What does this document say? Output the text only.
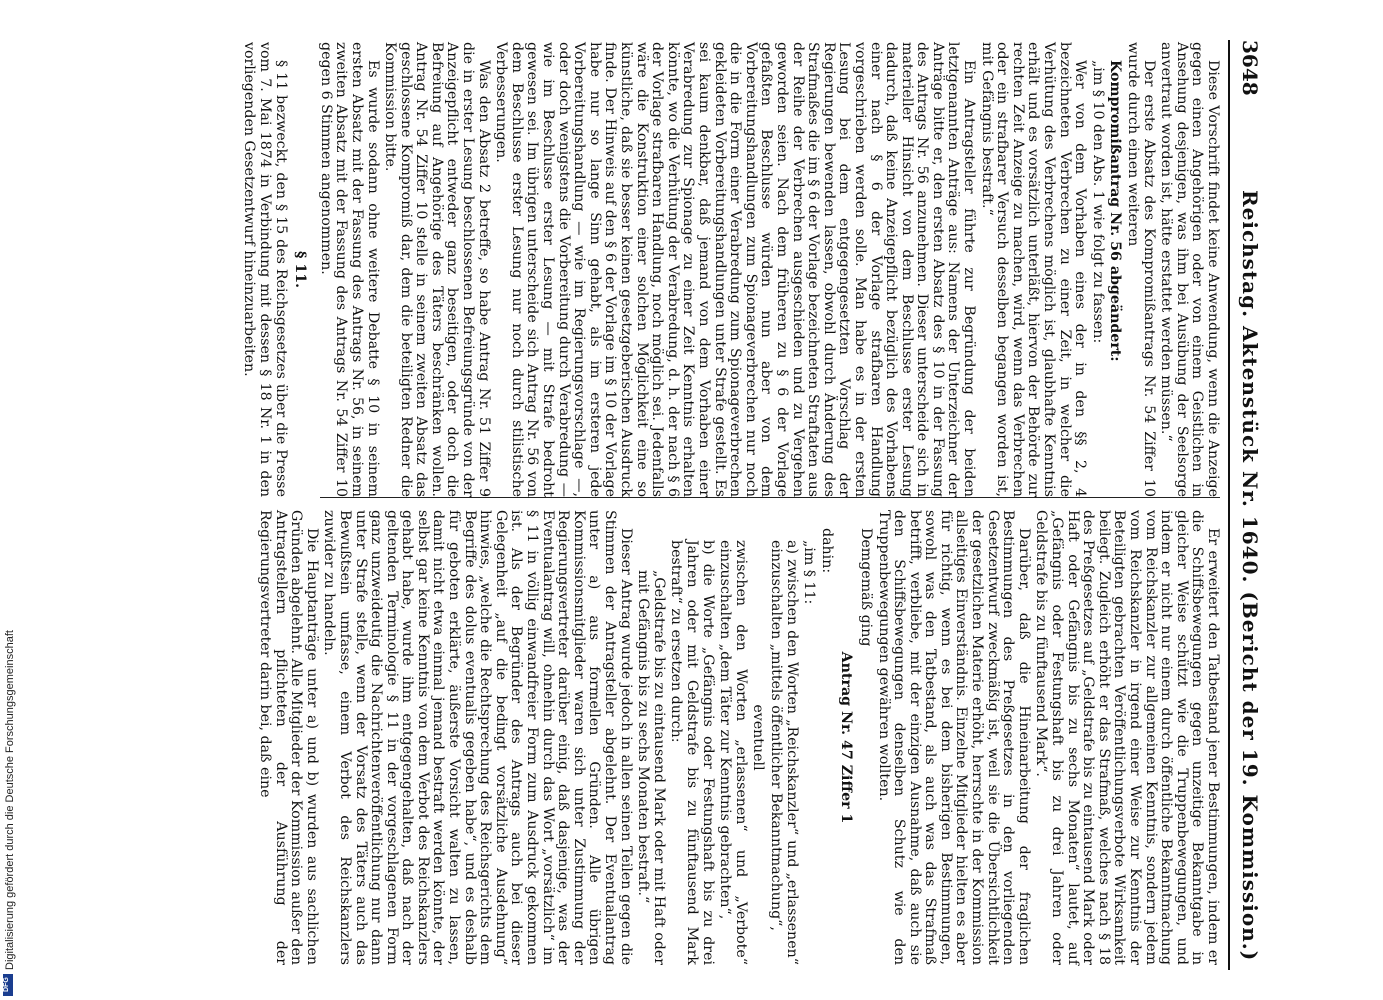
3648
Reichstag. Aktenstück Nr. 1640. (Bericht der 19. Kommission.)

Diese Vorschrift findet keine Anwendung, wenn die Anzeige gegen einen Angehörigen oder von einem Geistlichen in Ansehung desjenigen, was ihm bei Ausübung der Seelsorge anvertraut worden ist, hätte erstattet werden müssen.“

Der erste Absatz des Kompromißantrags Nr. 54 Ziffer 10 wurde durch einen weiteren

Kompromißantrag Nr. 56 abgeändert:

„im § 10 den Abs. 1 wie folgt zu fassen:

Wer von dem Vorhaben eines der in den §§ 2, 4 bezeichneten Verbrechen zu einer Zeit, in welcher die Verhütung des Verbrechens möglich ist, glaubhafte Kenntnis erhält und es vorsätzlich unterläßt, hiervon der Behörde zur rechten Zeit Anzeige zu machen, wird, wenn das Verbrechen oder ein strafbarer Versuch desselben begangen worden ist, mit Gefängnis bestraft.“

Ein Antragsteller führte zur Begründung der beiden letztgenannten Anträge aus: Namens der Unterzeichner der Anträge bitte er, den ersten Absatz des § 10 in der Fassung des Antrags Nr. 56 anzunehmen. Dieser unterscheide sich in materieller Hinsicht von dem Beschlusse erster Lesung dadurch, daß keine Anzeigepflicht bezüglich des Vorhabens einer nach § 6 der Vorlage strafbaren Handlung vorgeschrieben werden solle. Man habe es in der ersten Lesung bei dem entgegengesetzten Vorschlag der Regierungen bewenden lassen, obwohl durch Änderung des Strafmaßes die im § 6 der Vorlage bezeichneten Straftaten aus der Reihe der Verbrechen ausgeschieden und zu Vergehen geworden seien. Nach dem früheren zu § 6 der Vorlage gefaßten Beschlusse würden nun aber von dem Vorbereitungshandlungen zum Spionageverbrechen nur noch die in die Form einer Verabredung zum Spionageverbrechen gekleideten Vorbereitungshandlungen unter Strafe gestellt. Es sei kaum denkbar, daß jemand von dem Vorhaben einer Verabredung zur Spionage zu einer Zeit Kenntnis erhalten könnte, wo die Verhütung der Verabredung, d. h. der nach § 6 der Vorlage strafbaren Handlung, noch möglich sei. Jedenfalls wäre die Konstruktion einer solchen Möglichkeit eine so künstliche, daß sie besser keinen gesetzgeberischen Ausdruck finde. Der Hinweis auf den § 6 der Vorlage im § 10 der Vorlage habe nur so lange Sinn gehabt, als im ersteren jede Vorbereitungshandlung — wie im Regierungsvorschlage —, oder doch wenigstens die Vorbereitung durch Verabredung — wie im Beschlusse erster Lesung — mit Strafe bedroht gewesen sei. Im übrigen unterscheide sich Antrag Nr. 56 von dem Beschlusse erster Lesung nur noch durch stilistische Verbesserungen.

Was den Absatz 2 betreffe, so habe Antrag Nr. 51 Ziffer 9 die in erster Lesung beschlossenen Befreiungsgründe von der Anzeigepflicht entweder ganz beseitigen, oder doch die Befreiung auf Angehörige des Täters beschränken wollen. Antrag Nr. 54 Ziffer 10 stelle in seinem zweiten Absatz das geschlossene Kompromiß dar, dem die beteiligten Redner die Kommission bitte.

Es wurde sodann ohne weitere Debatte § 10 in seinem ersten Absatz mit der Fassung des Antrags Nr. 56, in seinem zweiten Absatz mit der Fassung des Antrags Nr. 54 Ziffer 10 gegen 6 Stimmen angenommen.

§ 11.

§ 11 bezweckt, den § 15 des Reichsgesetzes über die Presse vom 7. Mai 1874 in Verbindung mit dessen § 18 Nr. 1 in den vorliegenden Gesetzentwurf hineinzuarbeiten.

Er erweitert den Tatbestand jener Bestimmungen, indem er die Schiffsbewegungen gegen unzeitige Bekanntgabe in gleicher Weise schützt wie die Truppenbewegungen, und indem er nicht nur einem durch öffentliche Bekanntmachung vom Reichskanzler zur allgemeinen Kenntnis, sondern jedem vom Reichskanzler in irgend einer Weise zur Kenntnis der Beteiligten gebrachten Veröffentlichungsverbote Wirksamkeit beilegt. Zugleich erhöht er das Strafmaß, welches nach § 18 des Preßgesetzes auf „Geldstrafe bis zu eintausend Mark oder Haft oder Gefängnis bis zu sechs Monaten“ lautet, auf „Gefängnis oder Festungshaft bis zu drei Jahren oder Geldstrafe bis zu fünftausend Mark“.

Darüber, daß die Hineinarbeitung der fraglichen Bestimmungen des Preßgesetzes in den vorliegenden Gesetzentwurf zweckmäßig ist, weil sie die Übersichtlichkeit der gesetzlichen Materie erhöht, herrschte in der Kommission allseitiges Einverständnis. Einzelne Mitglieder hielten es aber für richtig, wenn es bei dem bisherigen Bestimmungen, sowohl was den Tatbestand, als auch was das Strafmaß betrifft, verbliebe, mit der einzigen Ausnahme, daß auch sie den Schiffsbewegungen denselben Schutz wie den Truppenbewegungen gewähren wollten.

Demgemäß ging

Antrag Nr. 47 Ziffer 1

dahin:

„im § 11:

a) zwischen den Worten „Reichskanzler“ und „erlassenen“ einzuschalten „mittels öffentlicher Bekanntmachung“,

eventuell

zwischen den Worten „erlassenen“ und „Verbote“ einzuschalten „dem Täter zur Kenntnis gebrachten“,

b) die Worte „Gefängnis oder Festungshaft bis zu drei Jahren oder mit Geldstrafe bis zu fünftausend Mark bestraft“ zu ersetzen durch:

„Geldstrafe bis zu eintausend Mark oder mit Haft oder mit Gefängnis bis zu sechs Monaten bestraft.“

Dieser Antrag wurde jedoch in allen seinen Teilen gegen die Stimmen der Antragsteller abgelehnt. Der Eventualantrag unter a) aus formellen Gründen. Alle übrigen Kommissionsmitglieder waren sich unter Zustimmung der Regierungsvertreter darüber einig, daß dasjenige, was der Eventualantrag will, ohnehin durch das Wort „vorsätzlich“ im § 11 in völlig einwandfreier Form zum Ausdruck gekommen ist. Als der Begründer des Antrags auch bei dieser Gelegenheit „auf die bedingt vorsätzliche Ausdehnung“ hinwies, „welche die Rechtsprechung des Reichsgerichts dem Begriffe des dolus eventualis gegeben habe“, und es deshalb für geboten erklärte, äußerste Vorsicht walten zu lassen, damit nicht etwa einmal jemand bestraft werden könnte, der selbst gar keine Kenntnis von dem Verbot des Reichskanzlers gehabt habe, wurde ihm entgegengehalten, daß nach der geltenden Terminologie § 11 in der vorgeschlagenen Form ganz unzweideutig die Nachrichtenveröffentlichung nur dann unter Strafe stelle, wenn der Vorsatz des Täters auch das Bewußtsein umfasse, einem Verbot des Reichskanzlers zuwider zu handeln.

Die Hauptanträge unter a) und b) wurden aus sachlichen Gründen abgelehnt. Alle Mitglieder der Kommission außer den Antragstellern pflichteten der Ausführung der Regierungsvertreter darin bei, daß eine

Digitalisierung gefördert durch die Deutsche Forschungsgemeinschaft
DFG
